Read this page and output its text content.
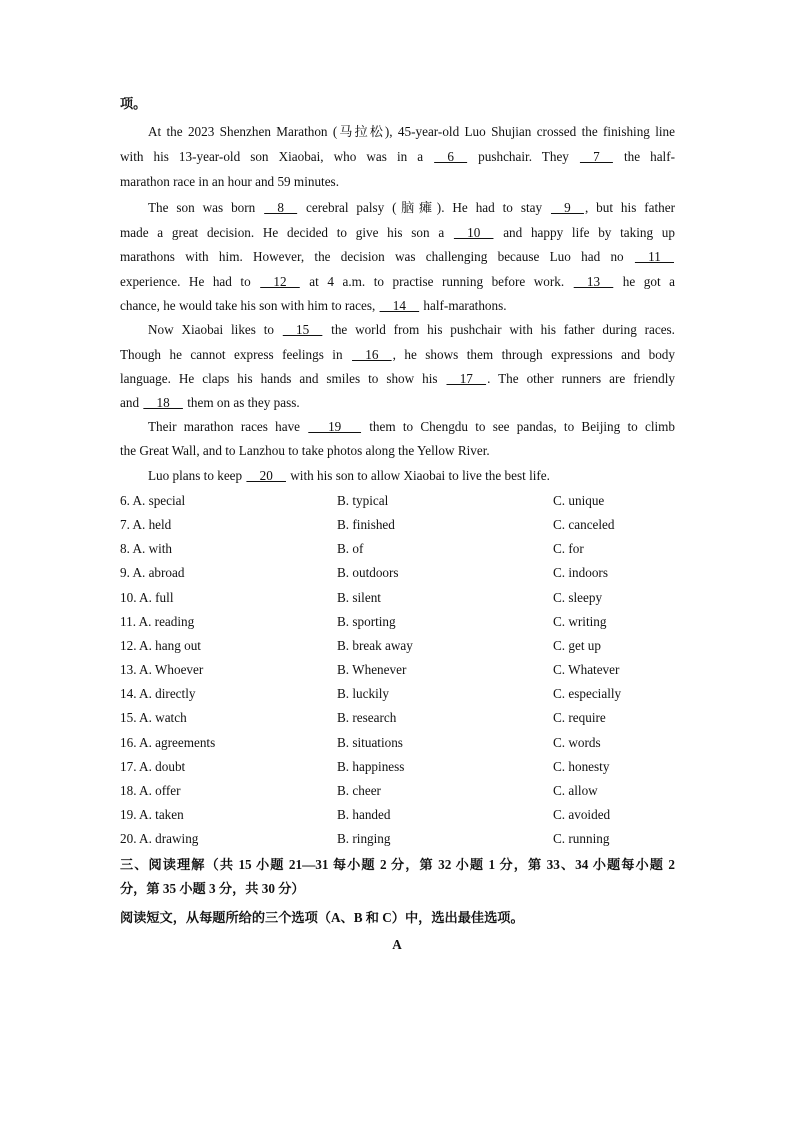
项。
At the 2023 Shenzhen Marathon (马拉松), 45-year-old Luo Shujian crossed the finishing line
with his 13-year-old son Xiaobai, who was in a   6   pushchair. They   7   the half-
marathon race in an hour and 59 minutes.
The son was born   8   cerebral palsy (脑瘫). He had to stay   9  , but his father
made a great decision. He decided to give his son a   10   and happy life by taking up
marathons with him. However, the decision was challenging because Luo had no   11  
experience. He had to   12   at 4 a.m. to practise running before work.   13   he got a
chance, he would take his son with him to races,   14   half-marathons.
Now Xiaobai likes to   15   the world from his pushchair with his father during races.
Though he cannot express feelings in   16  , he shows them through expressions and body
language. He claps his hands and smiles to show his   17  . The other runners are friendly
and   18   them on as they pass.
Their marathon races have    19    them to Chengdu to see pandas, to Beijing to climb
the Great Wall, and to Lanzhou to take photos along the Yellow River.
Luo plans to keep   20   with his son to allow Xiaobai to live the best life.
6. A. special	B. typical	C. unique
7. A. held	B. finished	C. canceled
8. A. with	B. of	C. for
9. A. abroad	B. outdoors	C. indoors
10. A. full	B. silent	C. sleepy
11. A. reading	B. sporting	C. writing
12. A. hang out	B. break away	C. get up
13. A. Whoever	B. Whenever	C. Whatever
14. A. directly	B. luckily	C. especially
15. A. watch	B. research	C. require
16. A. agreements	B. situations	C. words
17. A. doubt	B. happiness	C. honesty
18. A. offer	B. cheer	C. allow
19. A. taken	B. handed	C. avoided
20. A. drawing	B. ringing	C. running
三、阅读理解（共 15 小题 21—31 每小题 2 分，第 32 小题 1 分，第 33、34 小题每小题 2
分，第 35 小题 3 分，共 30 分）
阅读短文，从每题所给的三个选项（A、B 和 C）中，选出最佳选项。
A
